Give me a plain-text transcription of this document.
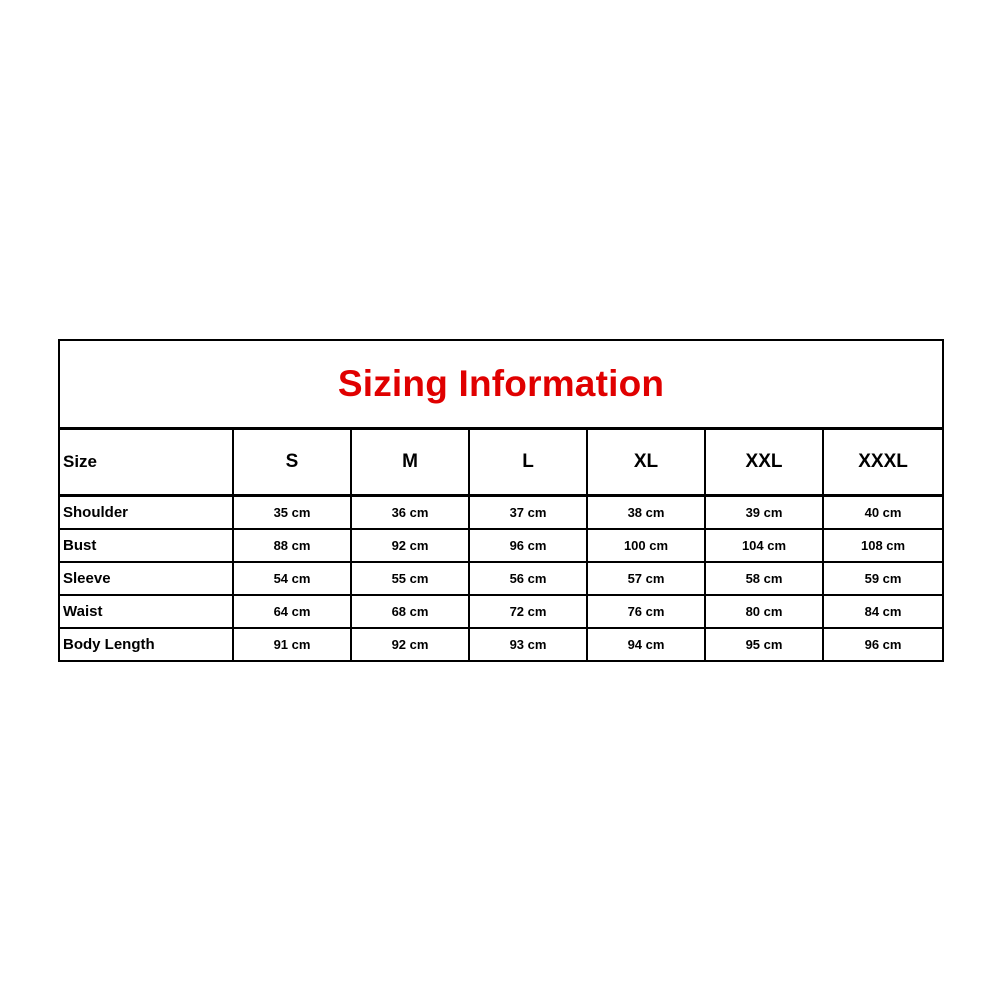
Sizing Information						
Size	S	M	L	XL	XXL	XXXL
Shoulder	35 cm	36 cm	37 cm	38 cm	39 cm	40 cm
Bust	88 cm	92 cm	96 cm	100 cm	104 cm	108 cm
Sleeve	54 cm	55 cm	56 cm	57 cm	58 cm	59 cm
Waist	64 cm	68 cm	72 cm	76 cm	80 cm	84 cm
Body Length	91 cm	92 cm	93 cm	94 cm	95 cm	96 cm
